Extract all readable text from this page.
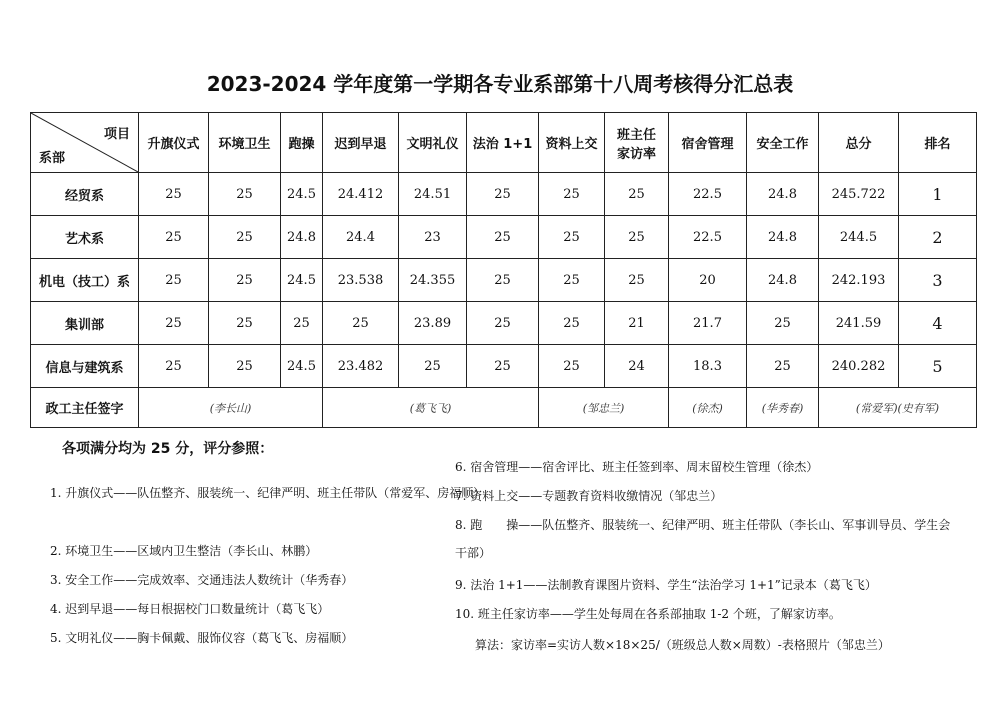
2023-2024 学年度第一学期各专业系部第十八周考核得分汇总表
项目
系部	升旗仪式	环境卫生	跑操	迟到早退	文明礼仪	法治 1+1	资料上交	班主任家访率	宿舍管理	安全工作	总分	排名
经贸系	25	25	24.5	24.412	24.51	25	25	25	22.5	24.8	245.722	1
艺术系	25	25	24.8	24.4	23	25	25	25	22.5	24.8	244.5	2
机电（技工）系	25	25	24.5	23.538	24.355	25	25	25	20	24.8	242.193	3
集训部	25	25	25	25	23.89	25	25	21	21.7	25	241.59	4
信息与建筑系	25	25	24.5	23.482	25	25	25	24	18.3	25	240.282	5
政工主任签字	(李长山)			(葛飞飞)			(邹忠兰)		(徐杰)	(华秀春)	(常爱军)(史有军)	
各项满分均为 25 分，评分参照：
1. 升旗仪式——队伍整齐、服装统一、纪律严明、班主任带队（常爱军、房福顺）
2. 环境卫生——区域内卫生整洁（李长山、林鹏）
3. 安全工作——完成效率、交通违法人数统计（华秀春）
4. 迟到早退——每日根据校门口数量统计（葛飞飞）
5. 文明礼仪——胸卡佩戴、服饰仪容（葛飞飞、房福顺）
6. 宿舍管理——宿舍评比、班主任签到率、周末留校生管理（徐杰）
7. 资料上交——专题教育资料收缴情况（邹忠兰）
8. 跑　　操——队伍整齐、服装统一、纪律严明、班主任带队（李长山、军事训导员、学生会干部）
9. 法治 1+1——法制教育课图片资料、学生“法治学习 1+1”记录本（葛飞飞）
10. 班主任家访率——学生处每周在各系部抽取 1-2 个班，了解家访率。
算法：家访率=实访人数×18×25/（班级总人数×周数）-表格照片（邹忠兰）
